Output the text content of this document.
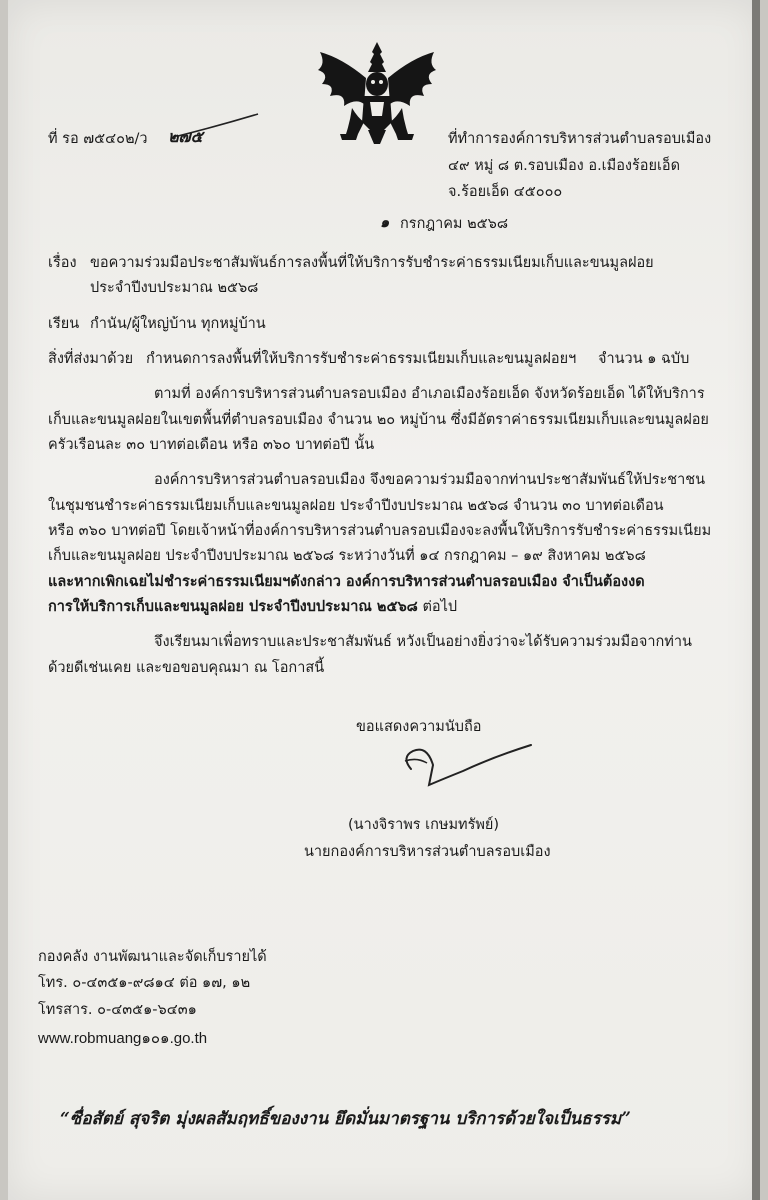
ที่ รอ ๗๕๔๐๒/ว ๒๗๕	ที่ทำการองค์การบริหารส่วนตำบลรอบเมือง
๔๙ หมู่ ๘ ต.รอบเมือง อ.เมืองร้อยเอ็ด
จ.ร้อยเอ็ด ๔๕๐๐๐
๑ กรกฎาคม ๒๕๖๘
เรื่อง ขอความร่วมมือประชาสัมพันธ์การลงพื้นที่ให้บริการรับชำระค่าธรรมเนียมเก็บและขนมูลฝอย
ประจำปีงบประมาณ ๒๕๖๘
เรียน กำนัน/ผู้ใหญ่บ้าน ทุกหมู่บ้าน
สิ่งที่ส่งมาด้วย กำหนดการลงพื้นที่ให้บริการรับชำระค่าธรรมเนียมเก็บและขนมูลฝอยฯ จำนวน ๑ ฉบับ
ตามที่ องค์การบริหารส่วนตำบลรอบเมือง อำเภอเมืองร้อยเอ็ด จังหวัดร้อยเอ็ด ได้ให้บริการ
เก็บและขนมูลฝอยในเขตพื้นที่ตำบลรอบเมือง จำนวน ๒๐ หมู่บ้าน ซึ่งมีอัตราค่าธรรมเนียมเก็บและขนมูลฝอย
ครัวเรือนละ ๓๐ บาทต่อเดือน หรือ ๓๖๐ บาทต่อปี นั้น
องค์การบริหารส่วนตำบลรอบเมือง จึงขอความร่วมมือจากท่านประชาสัมพันธ์ให้ประชาชน
ในชุมชนชำระค่าธรรมเนียมเก็บและขนมูลฝอย ประจำปีงบประมาณ ๒๕๖๘ จำนวน ๓๐ บาทต่อเดือน
หรือ ๓๖๐ บาทต่อปี โดยเจ้าหน้าที่องค์การบริหารส่วนตำบลรอบเมืองจะลงพื้นให้บริการรับชำระค่าธรรมเนียม
เก็บและขนมูลฝอย ประจำปีงบประมาณ ๒๕๖๘ ระหว่างวันที่ ๑๔ กรกฎาคม – ๑๙ สิงหาคม ๒๕๖๘
และหากเพิกเฉยไม่ชำระค่าธรรมเนียมฯดังกล่าว องค์การบริหารส่วนตำบลรอบเมือง จำเป็นต้องงด
การให้บริการเก็บและขนมูลฝอย ประจำปีงบประมาณ ๒๕๖๘ ต่อไป
จึงเรียนมาเพื่อทราบและประชาสัมพันธ์ หวังเป็นอย่างยิ่งว่าจะได้รับความร่วมมือจากท่าน
ด้วยดีเช่นเคย และขอขอบคุณมา ณ โอกาสนี้
ขอแสดงความนับถือ
(นางจิราพร เกษมทรัพย์)
นายกองค์การบริหารส่วนตำบลรอบเมือง
กองคลัง งานพัฒนาและจัดเก็บรายได้
โทร. ๐-๔๓๕๑-๙๘๑๔ ต่อ ๑๗, ๑๒
โทรสาร. ๐-๔๓๕๑-๖๔๓๑
www.robmuang๑๐๑.go.th
“ซื่อสัตย์ สุจริต มุ่งผลสัมฤทธิ์ของงาน ยึดมั่นมาตรฐาน บริการด้วยใจเป็นธรรม”
